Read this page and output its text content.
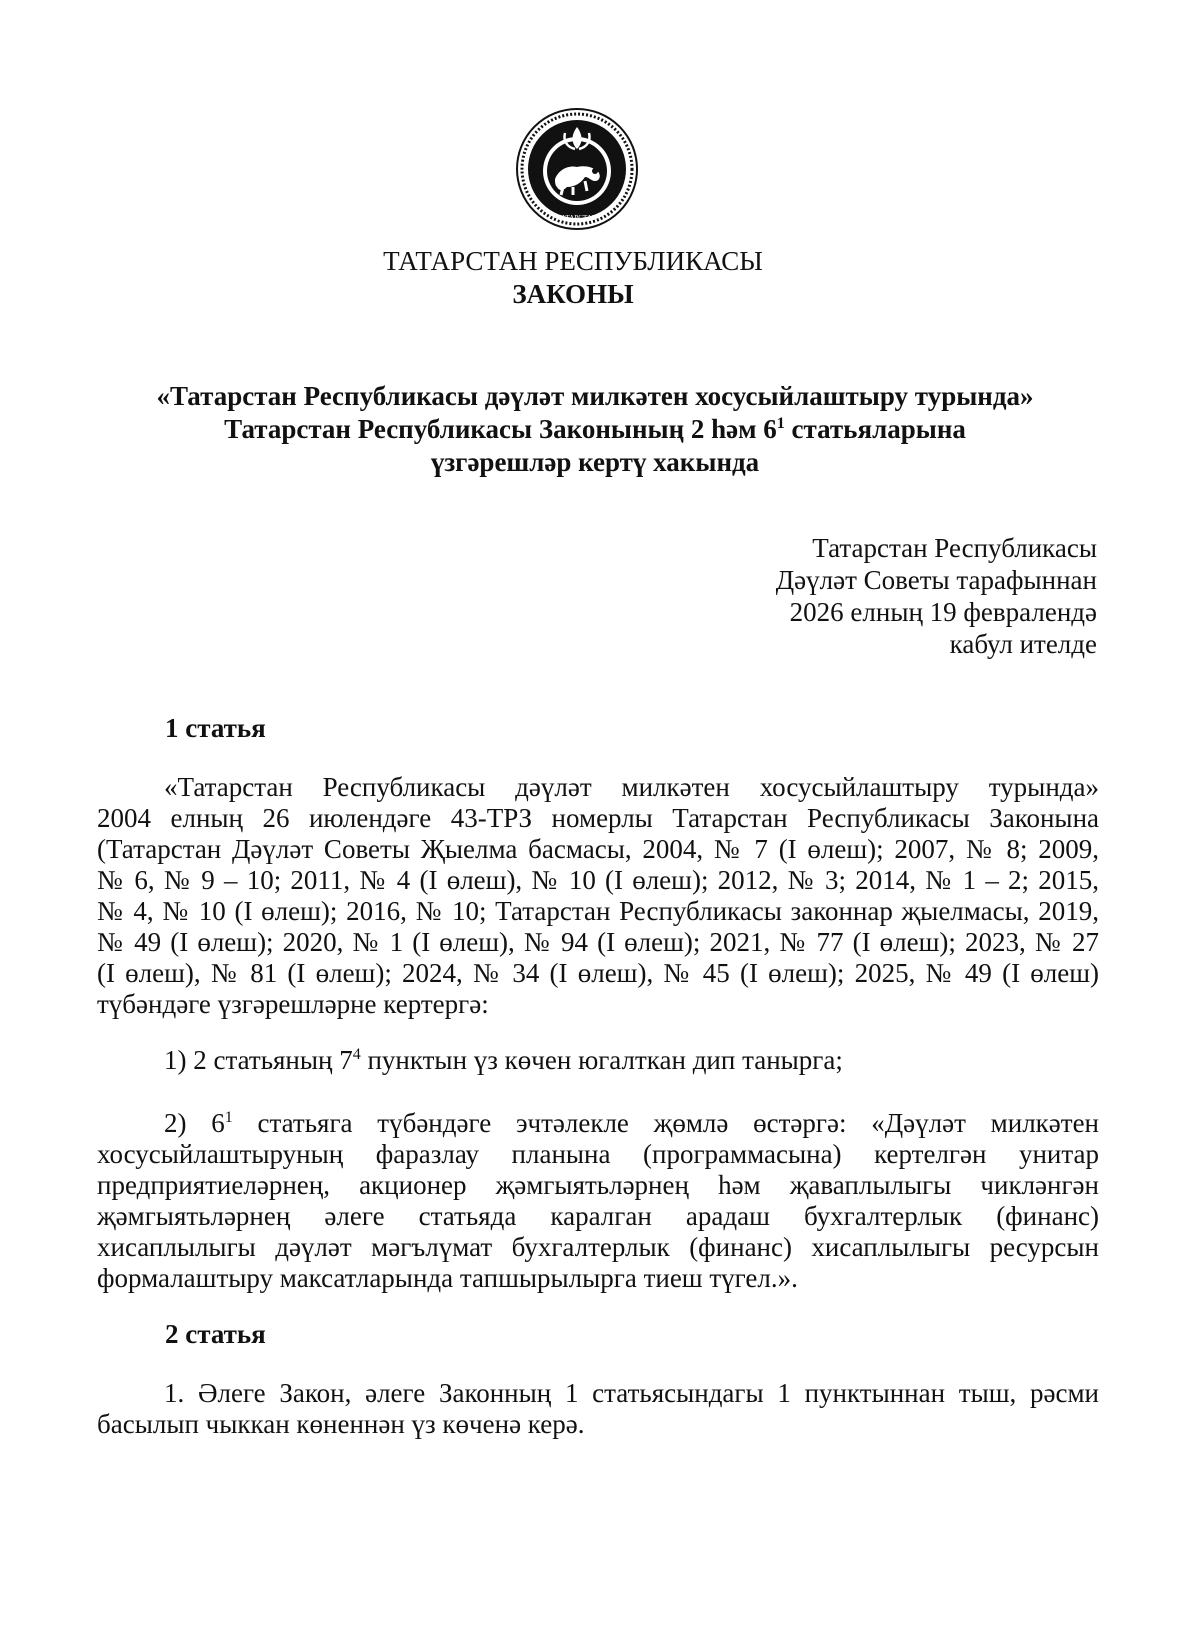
ТАТАРСТАН
ТАТАРСТАН РЕСПУБЛИКАСЫ
ЗАКОНЫ
«Татарстан Республикасы дәүләт милкәтен хосусыйлаштыру турында»
Татарстан Республикасы Законының 2 һәм $6^1$ статьяларына
үзгәрешләр кертү хакында
Татарстан Республикасы
Дәүләт Советы тарафыннан
2026 елның 19 февралендә
кабул ителде
1 статья
«Татарстан Республикасы дәүләт милкәтен хосусыйлаштыру турында»
2004 елның 26 июлендәге 43-ТРЗ номерлы Татарстан Республикасы Законына
(Татарстан Дәүләт Советы Җыелма басмасы, 2004, № 7 (I өлеш); 2007, № 8; 2009,
№ 6, № 9 – 10; 2011, № 4 (I өлеш), № 10 (I өлеш); 2012, № 3; 2014, № 1 – 2; 2015,
№ 4, № 10 (I өлеш); 2016, № 10; Татарстан Республикасы законнар җыелмасы, 2019,
№ 49 (I өлеш); 2020, № 1 (I өлеш), № 94 (I өлеш); 2021, № 77 (I өлеш); 2023, № 27
(I өлеш), № 81 (I өлеш); 2024, № 34 (I өлеш), № 45 (I өлеш); 2025, № 49 (I өлеш)
түбәндәге үзгәрешләрне кертергә:
1) 2 статьяның $7^4$ пунктын үз көчен югалткан дип танырга;
2) $6^1$ статьяга түбәндәге эчтәлекле җөмлә өстәргә: «Дәүләт милкәтен
хосусыйлаштыруның фаразлау планына (программасына) кертелгән унитар
предприятиеләрнең, акционер җәмгыятьләрнең һәм җаваплылыгы чикләнгән
җәмгыятьләрнең әлеге статьяда каралган арадаш бухгалтерлык (финанс)
хисаплылыгы дәүләт мәгълүмат бухгалтерлык (финанс) хисаплылыгы ресурсын
формалаштыру максатларында тапшырылырга тиеш түгел.».
2 статья
1. Әлеге Закон, әлеге Законның 1 статьясындагы 1 пунктыннан тыш, рәсми
басылып чыккан көненнән үз көченә керә.
